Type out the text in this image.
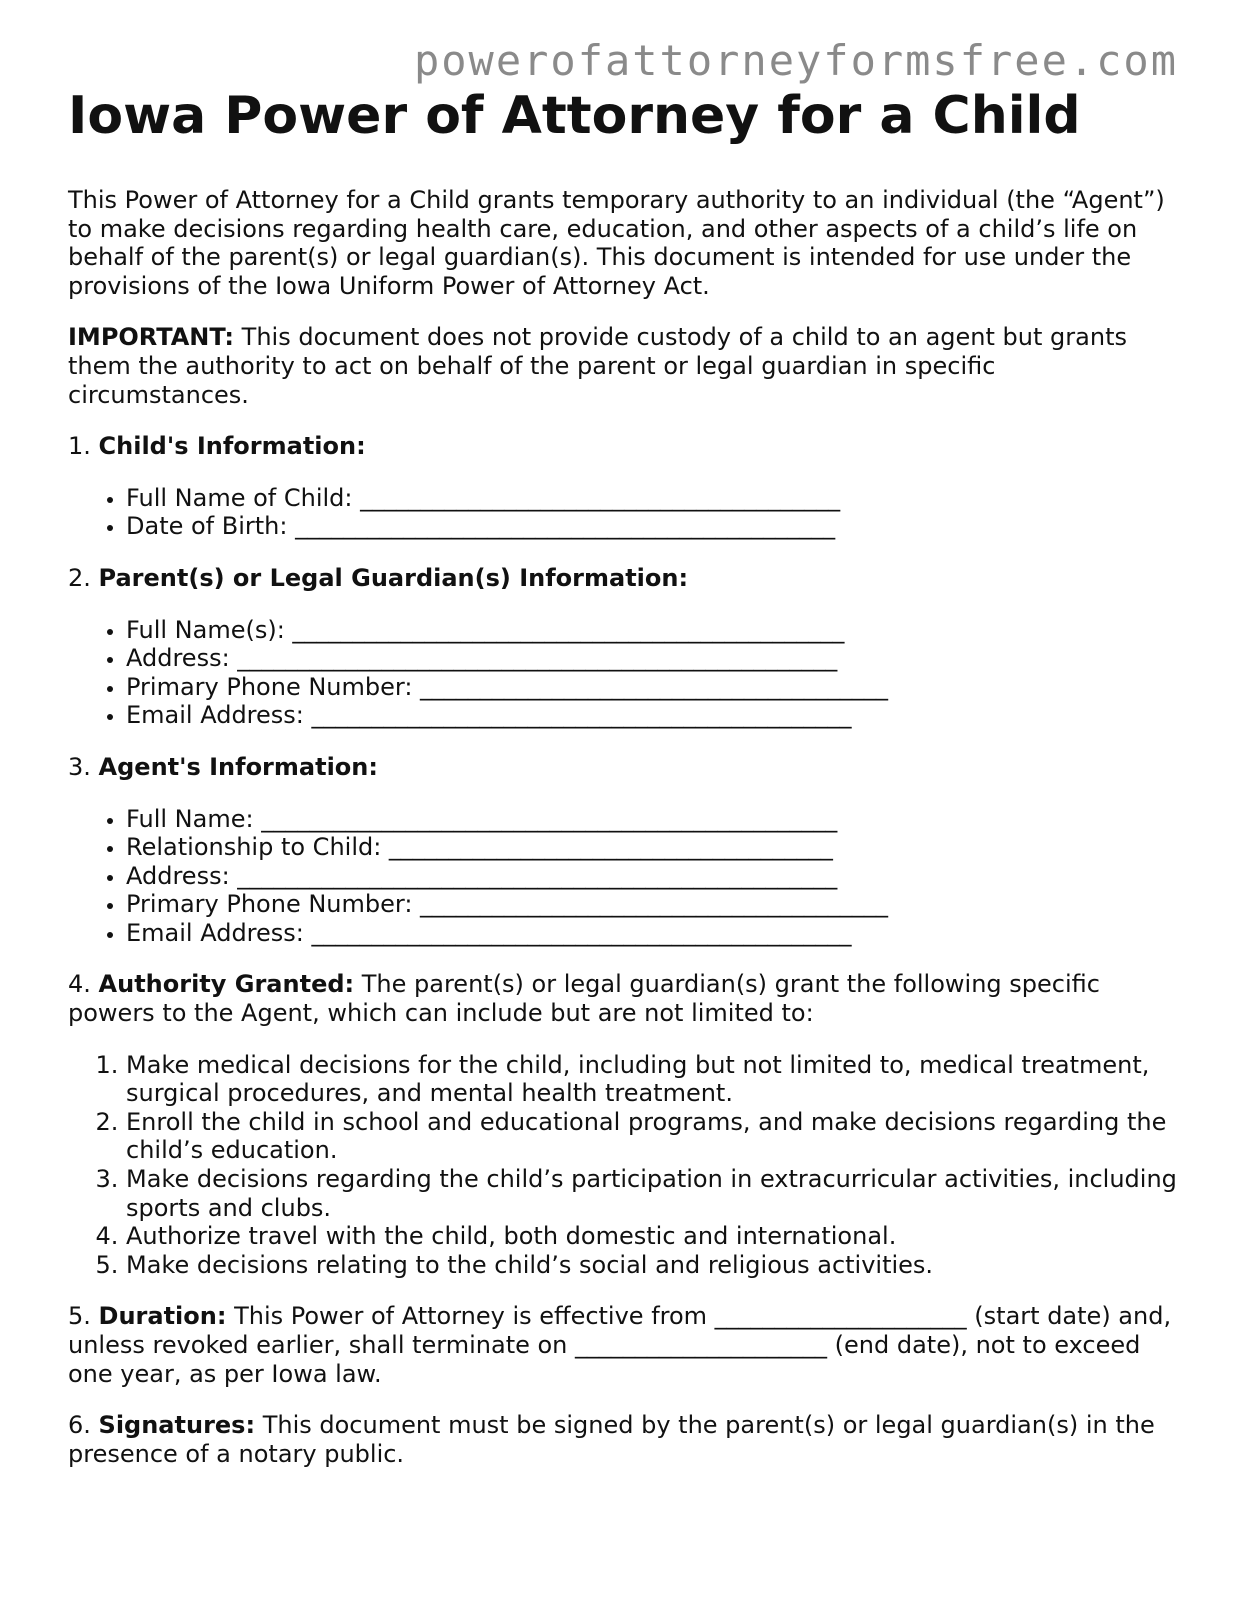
powerofattorneyformsfree.com

Iowa Power of Attorney for a Child

This Power of Attorney for a Child grants temporary authority to an individual (the “Agent”) to make decisions regarding health care, education, and other aspects of a child’s life on behalf of the parent(s) or legal guardian(s). This document is intended for use under the provisions of the Iowa Uniform Power of Attorney Act.

IMPORTANT: This document does not provide custody of a child to an agent but grants them the authority to act on behalf of the parent or legal guardian in specific circumstances.

1. Child's Information:

• Full Name of Child: ________________________________________
• Date of Birth: _____________________________________________

2. Parent(s) or Legal Guardian(s) Information:

• Full Name(s): ______________________________________________
• Address: __________________________________________________
• Primary Phone Number: _______________________________________
• Email Address: _____________________________________________

3. Agent's Information:

• Full Name: ________________________________________________
• Relationship to Child: _____________________________________
• Address: __________________________________________________
• Primary Phone Number: _______________________________________
• Email Address: _____________________________________________

4. Authority Granted: The parent(s) or legal guardian(s) grant the following specific powers to the Agent, which can include but are not limited to:

1. Make medical decisions for the child, including but not limited to, medical treatment, surgical procedures, and mental health treatment.
2. Enroll the child in school and educational programs, and make decisions regarding the child’s education.
3. Make decisions regarding the child’s participation in extracurricular activities, including sports and clubs.
4. Authorize travel with the child, both domestic and international.
5. Make decisions relating to the child’s social and religious activities.

5. Duration: This Power of Attorney is effective from _____________________ (start date) and, unless revoked earlier, shall terminate on _____________________ (end date), not to exceed one year, as per Iowa law.

6. Signatures: This document must be signed by the parent(s) or legal guardian(s) in the presence of a notary public.
